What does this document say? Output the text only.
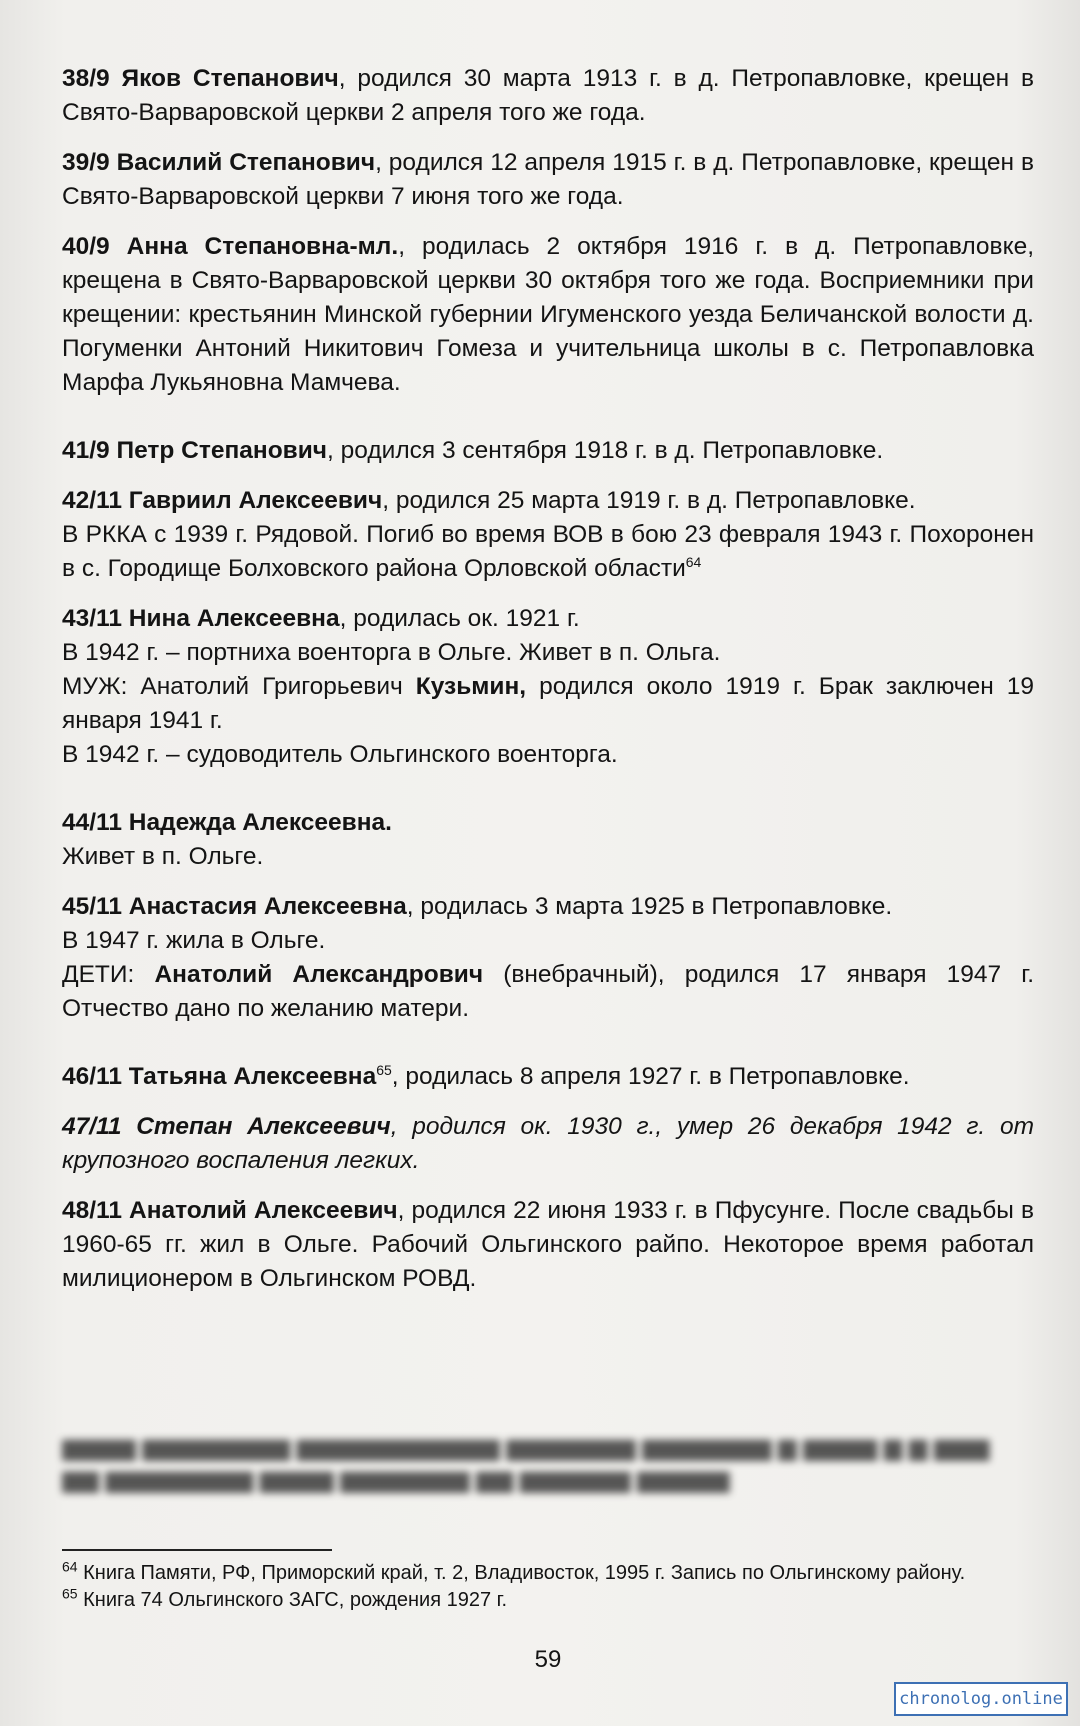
38/9 Яков Степанович, родился 30 марта 1913 г. в д. Петропавловке, крещен в Свято-Варваровской церкви 2 апреля того же года.

39/9 Василий Степанович, родился 12 апреля 1915 г. в д. Петропавловке, крещен в Свято-Варваровской церкви 7 июня того же года.

40/9 Анна Степановна-мл., родилась 2 октября 1916 г. в д. Петропавловке, крещена в Свято-Варваровской церкви 30 октября того же года. Восприемники при крещении: крестьянин Минской губернии Игуменского уезда Беличанской волости д. Погуменки Антоний Никитович Гомеза и учительница школы в с. Петропавловка Марфа Лукьяновна Мамчева.

41/9 Петр Степанович, родился 3 сентября 1918 г. в д. Петропавловке.

42/11 Гавриил Алексеевич, родился 25 марта 1919 г. в д. Петропавловке.

В РККА с 1939 г. Рядовой. Погиб во время ВОВ в бою 23 февраля 1943 г. Похоронен в с. Городище Болховского района Орловской области$^{64}$

43/11 Нина Алексеевна, родилась ок. 1921 г.

В 1942 г. – портниха военторга в Ольге. Живет в п. Ольга.

МУЖ: Анатолий Григорьевич Кузьмин, родился около 1919 г. Брак заключен 19 января 1941 г.

В 1942 г. – судоводитель Ольгинского военторга.

44/11 Надежда Алексеевна.

Живет в п. Ольге.

45/11 Анастасия Алексеевна, родилась 3 марта 1925 в Петропавловке.

В 1947 г. жила в Ольге.

ДЕТИ: Анатолий Александрович (внебрачный), родился 17 января 1947 г. Отчество дано по желанию матери.

46/11 Татьяна Алексеевна$^{65}$, родилась 8 апреля 1927 г. в Петропавловке.

47/11 Степан Алексеевич, родился ок. 1930 г., умер 26 декабря 1942 г. от крупозного воспаления легких.

48/11 Анатолий Алексеевич, родился 22 июня 1933 г. в Пфусунге. После свадьбы в 1960-65 гг. жил в Ольге. Рабочий Ольгинского райпо. Некоторое время работал милиционером в Ольгинском РОВД.

▆▆▆▆ ▆▆▆▆▆▆▆▆ ▆▆▆▆▆▆▆▆▆▆▆ ▆▆▆▆▆▆▆ ▆▆▆▆▆▆▆ ▆ ▆▆▆▆ ▆ ▆ ▆▆▆
▆▆ ▆▆▆▆▆▆▆▆ ▆▆▆▆ ▆▆▆▆▆▆▆ ▆▆ ▆▆▆▆▆▆ ▆▆▆▆▆

$^{64}$ Книга Памяти, РФ, Приморский край, т. 2, Владивосток, 1995 г. Запись по Ольгинскому району.

$^{65}$ Книга 74 Ольгинского ЗАГС, рождения 1927 г.

59
chronolog.online
